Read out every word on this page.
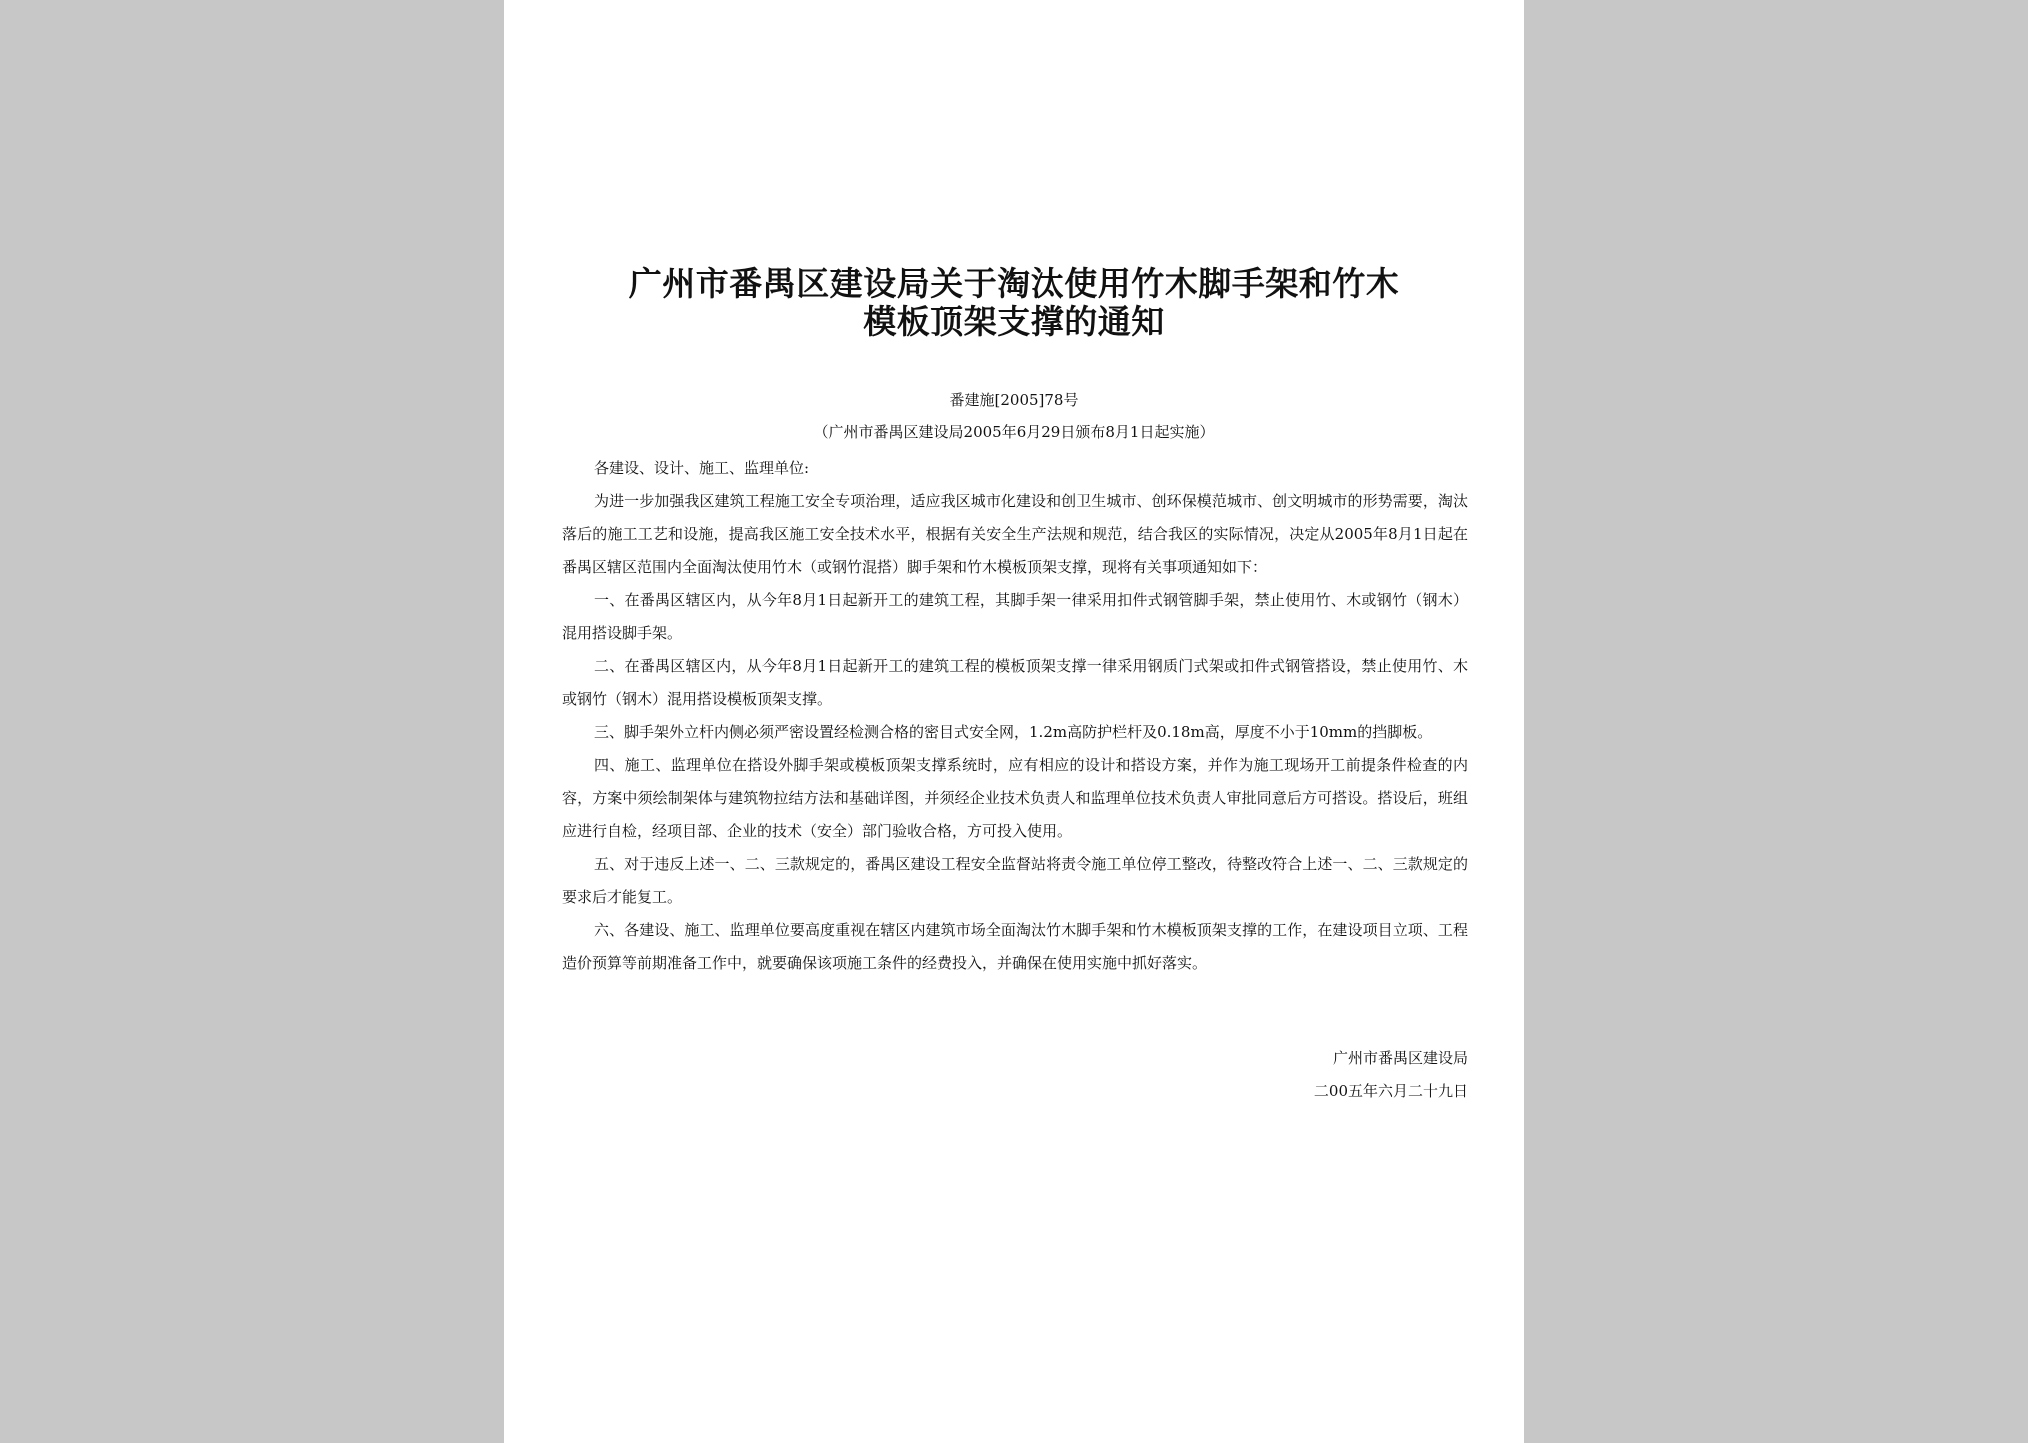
广州市番禺区建设局关于淘汰使用竹木脚手架和竹木
模板顶架支撑的通知
番建施[2005]78号
（广州市番禺区建设局2005年6月29日颁布8月1日起实施）

各建设、设计、施工、监理单位:

为进一步加强我区建筑工程施工安全专项治理，适应我区城市化建设和创卫生城市、创环保模范城市、创文明城市的形势需要，淘汰落后的施工工艺和设施，提高我区施工安全技术水平，根据有关安全生产法规和规范，结合我区的实际情况，决定从2005年8月1日起在番禺区辖区范围内全面淘汰使用竹木（或钢竹混搭）脚手架和竹木模板顶架支撑，现将有关事项通知如下：

一、在番禺区辖区内，从今年8月1日起新开工的建筑工程，其脚手架一律采用扣件式钢管脚手架，禁止使用竹、木或钢竹（钢木）混用搭设脚手架。

二、在番禺区辖区内，从今年8月1日起新开工的建筑工程的模板顶架支撑一律采用钢质门式架或扣件式钢管搭设，禁止使用竹、木或钢竹（钢木）混用搭设模板顶架支撑。

三、脚手架外立杆内侧必须严密设置经检测合格的密目式安全网，1.2m高防护栏杆及0.18m高，厚度不小于10mm的挡脚板。

四、施工、监理单位在搭设外脚手架或模板顶架支撑系统时，应有相应的设计和搭设方案，并作为施工现场开工前提条件检查的内容，方案中须绘制架体与建筑物拉结方法和基础详图，并须经企业技术负责人和监理单位技术负责人审批同意后方可搭设。搭设后，班组应进行自检，经项目部、企业的技术（安全）部门验收合格，方可投入使用。

五、对于违反上述一、二、三款规定的，番禺区建设工程安全监督站将责令施工单位停工整改，待整改符合上述一、二、三款规定的要求后才能复工。

六、各建设、施工、监理单位要高度重视在辖区内建筑市场全面淘汰竹木脚手架和竹木模板顶架支撑的工作，在建设项目立项、工程造价预算等前期准备工作中，就要确保该项施工条件的经费投入，并确保在使用实施中抓好落实。

广州市番禺区建设局
二00五年六月二十九日
